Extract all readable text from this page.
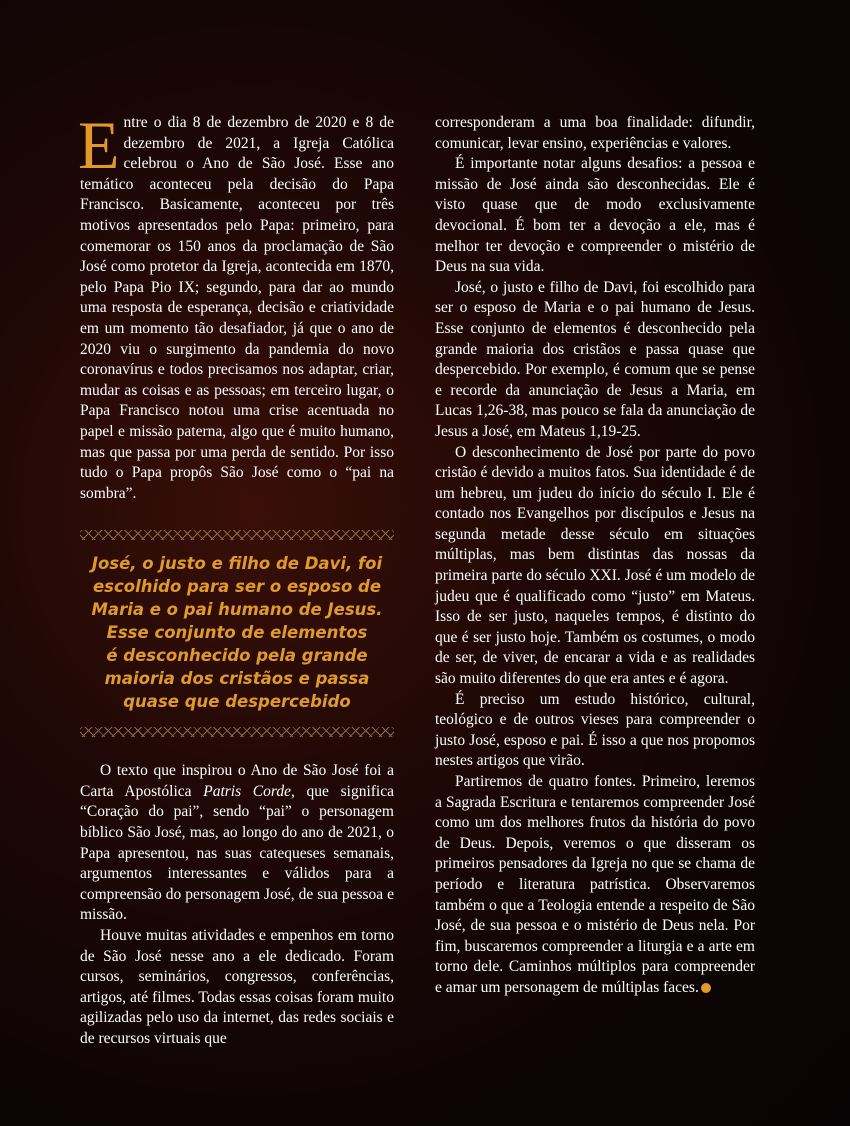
Entre o dia 8 de dezembro de 2020 e 8 de dezembro de 2021, a Igreja Católica celebrou o Ano de São José. Esse ano temático aconteceu pela decisão do Papa Francisco. Basicamente, aconteceu por três motivos apresentados pelo Papa: primeiro, para comemorar os 150 anos da proclamação de São José como protetor da Igreja, acontecida em 1870, pelo Papa Pio IX; segundo, para dar ao mundo uma resposta de esperança, decisão e criatividade em um momento tão desafiador, já que o ano de 2020 viu o surgimento da pandemia do novo coronavírus e todos precisamos nos adaptar, criar, mudar as coisas e as pessoas; em terceiro lugar, o Papa Francisco notou uma crise acentuada no papel e missão paterna, algo que é muito humano, mas que passa por uma perda de sentido. Por isso tudo o Papa propôs São José como o “pai na sombra”.

José, o justo e filho de Davi, foi
escolhido para ser o esposo de
Maria e o pai humano de Jesus.
Esse conjunto de elementos
é desconhecido pela grande
maioria dos cristãos e passa
quase que despercebido

O texto que inspirou o Ano de São José foi a Carta Apostólica Patris Corde, que significa “Coração do pai”, sendo “pai” o personagem bíblico São José, mas, ao longo do ano de 2021, o Papa apresentou, nas suas catequeses semanais, argumentos interessantes e válidos para a compreensão do personagem José, de sua pessoa e missão.

Houve muitas atividades e empenhos em torno de São José nesse ano a ele dedicado. Foram cursos, seminários, congressos, conferências, artigos, até filmes. Todas essas coisas foram muito agilizadas pelo uso da internet, das redes sociais e de recursos virtuais que

corresponderam a uma boa finalidade: difundir, comunicar, levar ensino, experiências e valores.

É importante notar alguns desafios: a pessoa e missão de José ainda são desconhecidas. Ele é visto quase que de modo exclusivamente devocional. É bom ter a devoção a ele, mas é melhor ter devoção e compreender o mistério de Deus na sua vida.

José, o justo e filho de Davi, foi escolhido para ser o esposo de Maria e o pai humano de Jesus. Esse conjunto de elementos é desconhecido pela grande maioria dos cristãos e passa quase que despercebido. Por exemplo, é comum que se pense e recorde da anunciação de Jesus a Maria, em Lucas 1,26-38, mas pouco se fala da anunciação de Jesus a José, em Mateus 1,19-25.

O desconhecimento de José por parte do povo cristão é devido a muitos fatos. Sua identidade é de um hebreu, um judeu do início do século I. Ele é contado nos Evangelhos por discípulos e Jesus na segunda metade desse século em situações múltiplas, mas bem distintas das nossas da primeira parte do século XXI. José é um modelo de judeu que é qualificado como “justo” em Mateus. Isso de ser justo, naqueles tempos, é distinto do que é ser justo hoje. Também os costumes, o modo de ser, de viver, de encarar a vida e as realidades são muito diferentes do que era antes e é agora.

É preciso um estudo histórico, cultural, teológico e de outros vieses para compreender o justo José, esposo e pai. É isso a que nos propomos nestes artigos que virão.

Partiremos de quatro fontes. Primeiro, leremos a Sagrada Escritura e tentaremos compreender José como um dos melhores frutos da história do povo de Deus. Depois, veremos o que disseram os primeiros pensadores da Igreja no que se chama de período e literatura patrística. Observaremos também o que a Teologia entende a respeito de São José, de sua pessoa e o mistério de Deus nela. Por fim, buscaremos compreender a liturgia e a arte em torno dele. Caminhos múltiplos para compreender e amar um personagem de múltiplas faces.
